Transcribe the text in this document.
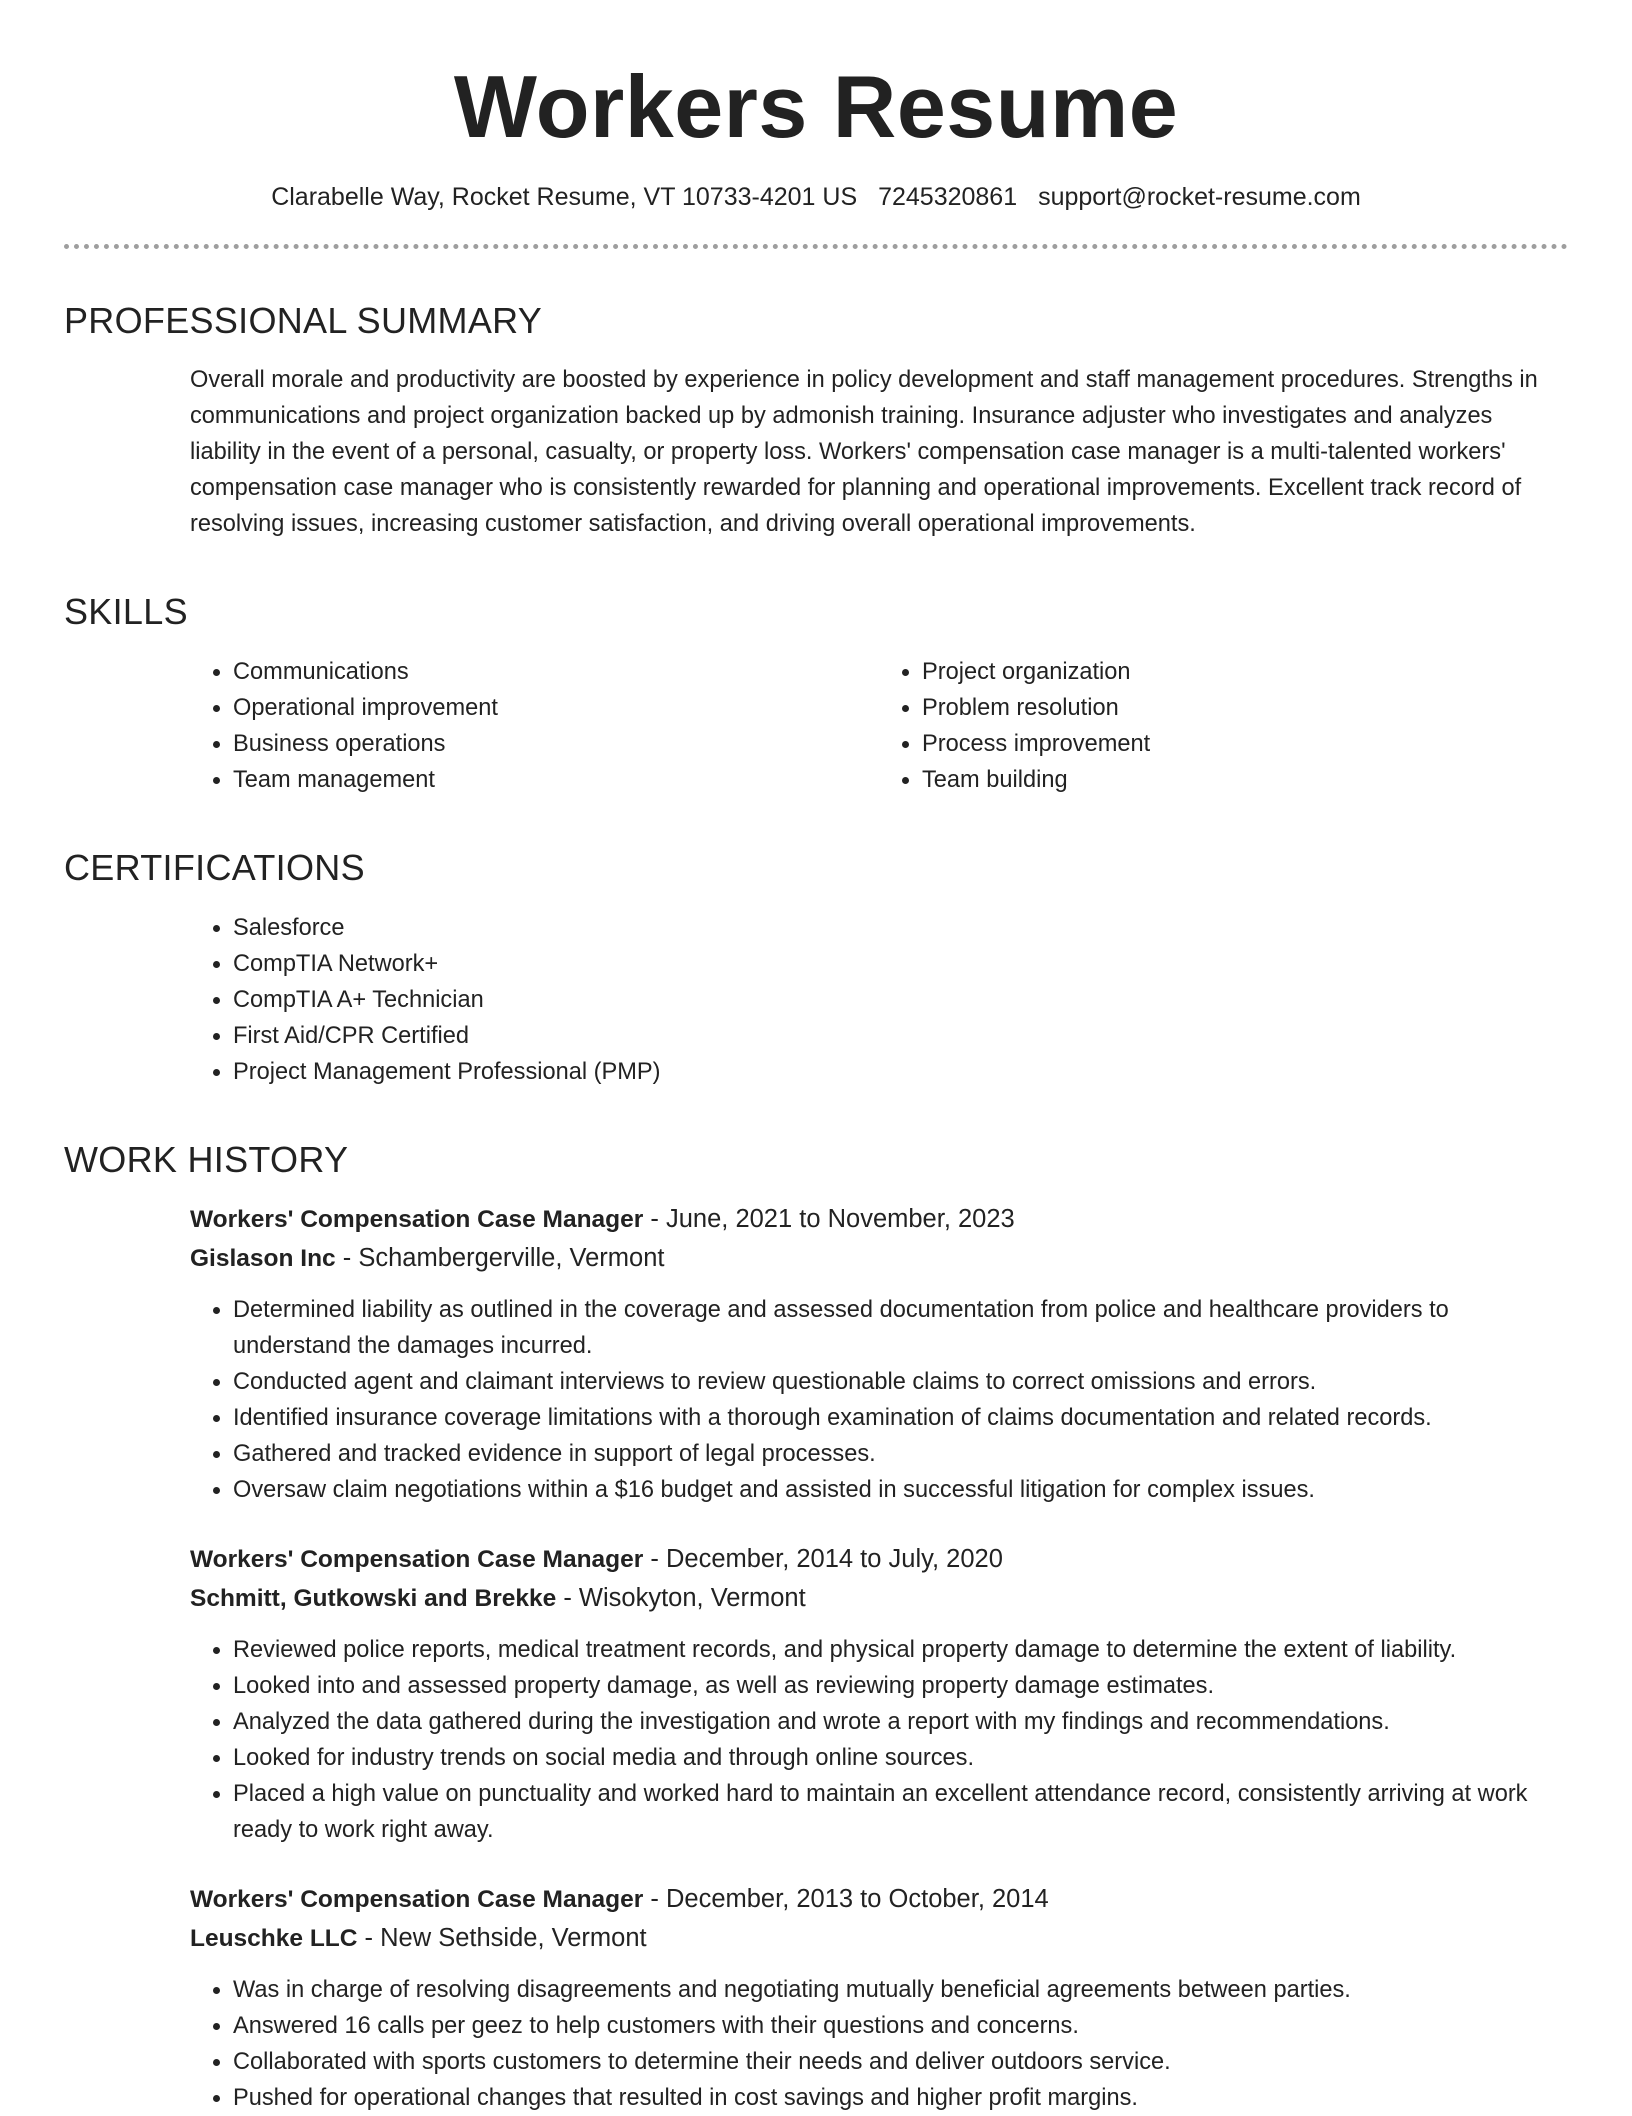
Workers Resume
Clarabelle Way, Rocket Resume, VT 10733-4201 US 7245320861 support@rocket-resume.com
PROFESSIONAL SUMMARY

Overall morale and productivity are boosted by experience in policy development and staff management procedures. Strengths in communications and project organization backed up by admonish training. Insurance adjuster who investigates and analyzes liability in the event of a personal, casualty, or property loss. Workers' compensation case manager is a multi-talented workers' compensation case manager who is consistently rewarded for planning and operational improvements. Excellent track record of resolving issues, increasing customer satisfaction, and driving overall operational improvements.

SKILLS
• Communications
• Operational improvement
• Business operations
• Team management
• Project organization
• Problem resolution
• Process improvement
• Team building
CERTIFICATIONS
• Salesforce
• CompTIA Network+
• CompTIA A+ Technician
• First Aid/CPR Certified
• Project Management Professional (PMP)
WORK HISTORY
Workers' Compensation Case Manager - June, 2021 to November, 2023
Gislason Inc - Schambergerville, Vermont
• Determined liability as outlined in the coverage and assessed documentation from police and healthcare providers to understand the damages incurred.
• Conducted agent and claimant interviews to review questionable claims to correct omissions and errors.
• Identified insurance coverage limitations with a thorough examination of claims documentation and related records.
• Gathered and tracked evidence in support of legal processes.
• Oversaw claim negotiations within a $16 budget and assisted in successful litigation for complex issues.
Workers' Compensation Case Manager - December, 2014 to July, 2020
Schmitt, Gutkowski and Brekke - Wisokyton, Vermont
• Reviewed police reports, medical treatment records, and physical property damage to determine the extent of liability.
• Looked into and assessed property damage, as well as reviewing property damage estimates.
• Analyzed the data gathered during the investigation and wrote a report with my findings and recommendations.
• Looked for industry trends on social media and through online sources.
• Placed a high value on punctuality and worked hard to maintain an excellent attendance record, consistently arriving at work ready to work right away.
Workers' Compensation Case Manager - December, 2013 to October, 2014
Leuschke LLC - New Sethside, Vermont
• Was in charge of resolving disagreements and negotiating mutually beneficial agreements between parties.
• Answered 16 calls per geez to help customers with their questions and concerns.
• Collaborated with sports customers to determine their needs and deliver outdoors service.
• Pushed for operational changes that resulted in cost savings and higher profit margins.
